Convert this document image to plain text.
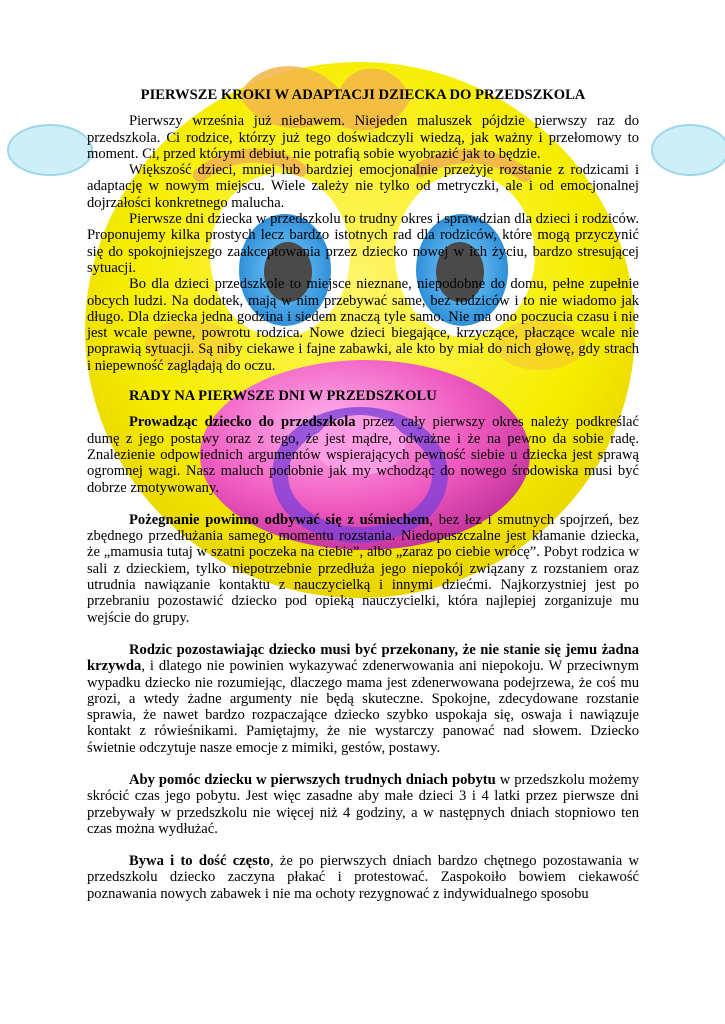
PIERWSZE KROKI W ADAPTACJI DZIECKA DO PRZEDSZKOLA

Pierwszy września już niebawem. Niejeden maluszek pójdzie pierwszy raz do przedszkola. Ci rodzice, którzy już tego doświadczyli wiedzą, jak ważny i przełomowy to moment. Ci, przed którymi debiut, nie potrafią sobie wyobrazić jak to będzie.

Większość dzieci, mniej lub bardziej emocjonalnie przeżyje rozstanie z rodzicami i adaptację w nowym miejscu. Wiele zależy nie tylko od metryczki, ale i od emocjonalnej dojrzałości konkretnego malucha.

Pierwsze dni dziecka w przedszkolu to trudny okres i sprawdzian dla dzieci i rodziców. Proponujemy kilka prostych lecz bardzo istotnych rad dla rodziców, które mogą przyczynić się do spokojniejszego zaakceptowania przez dziecko nowej w ich życiu, bardzo stresującej sytuacji.

Bo dla dzieci przedszkole to miejsce nieznane, niepodobne do domu, pełne zupełnie obcych ludzi. Na dodatek, mają w nim przebywać same, bez rodziców i to nie wiadomo jak długo. Dla dziecka jedna godzina i siedem znaczą tyle samo. Nie ma ono poczucia czasu i nie jest wcale pewne, powrotu rodzica. Nowe dzieci biegające, krzyczące, płaczące wcale nie poprawią sytuacji. Są niby ciekawe i fajne zabawki, ale kto by miał do nich głowę, gdy strach i niepewność zaglądają do oczu.

RADY NA PIERWSZE DNI W PRZEDSZKOLU

Prowadząc dziecko do przedszkola przez cały pierwszy okres należy podkreślać dumę z jego postawy oraz z tego, że jest mądre, odważne i że na pewno da sobie radę. Znalezienie odpowiednich argumentów wspierających pewność siebie u dziecka jest sprawą ogromnej wagi. Nasz maluch podobnie jak my wchodząc do nowego środowiska musi być dobrze zmotywowany.

Pożegnanie powinno odbywać się z uśmiechem, bez łez i smutnych spojrzeń, bez zbędnego przedłużania samego momentu rozstania. Niedopuszczalne jest kłamanie dziecka, że „mamusia tutaj w szatni poczeka na ciebie”, albo „zaraz po ciebie wrócę”. Pobyt rodzica w sali z dzieckiem, tylko niepotrzebnie przedłuża jego niepokój związany z rozstaniem oraz utrudnia nawiązanie kontaktu z nauczycielką i innymi dziećmi. Najkorzystniej jest po przebraniu pozostawić dziecko pod opieką nauczycielki, która najlepiej zorganizuje mu wejście do grupy.

Rodzic pozostawiając dziecko musi być przekonany, że nie stanie się jemu żadna krzywda, i dlatego nie powinien wykazywać zdenerwowania ani niepokoju. W przeciwnym wypadku dziecko nie rozumiejąc, dlaczego mama jest zdenerwowana podejrzewa, że coś mu grozi, a wtedy żadne argumenty nie będą skuteczne. Spokojne, zdecydowane rozstanie sprawia, że nawet bardzo rozpaczające dziecko szybko uspokaja się, oswaja i nawiązuje kontakt z rówieśnikami. Pamiętajmy, że nie wystarczy panować nad słowem. Dziecko świetnie odczytuje nasze emocje z mimiki, gestów, postawy.

Aby pomóc dziecku w pierwszych trudnych dniach pobytu w przedszkolu możemy skrócić czas jego pobytu. Jest więc zasadne aby małe dzieci 3 i 4 latki przez pierwsze dni przebywały w przedszkolu nie więcej niż 4 godziny, a w następnych dniach stopniowo ten czas można wydłużać.

Bywa i to dość często, że po pierwszych dniach bardzo chętnego pozostawania w przedszkolu dziecko zaczyna płakać i protestować. Zaspokoiło bowiem ciekawość poznawania nowych zabawek i nie ma ochoty rezygnować z indywidualnego sposobu
